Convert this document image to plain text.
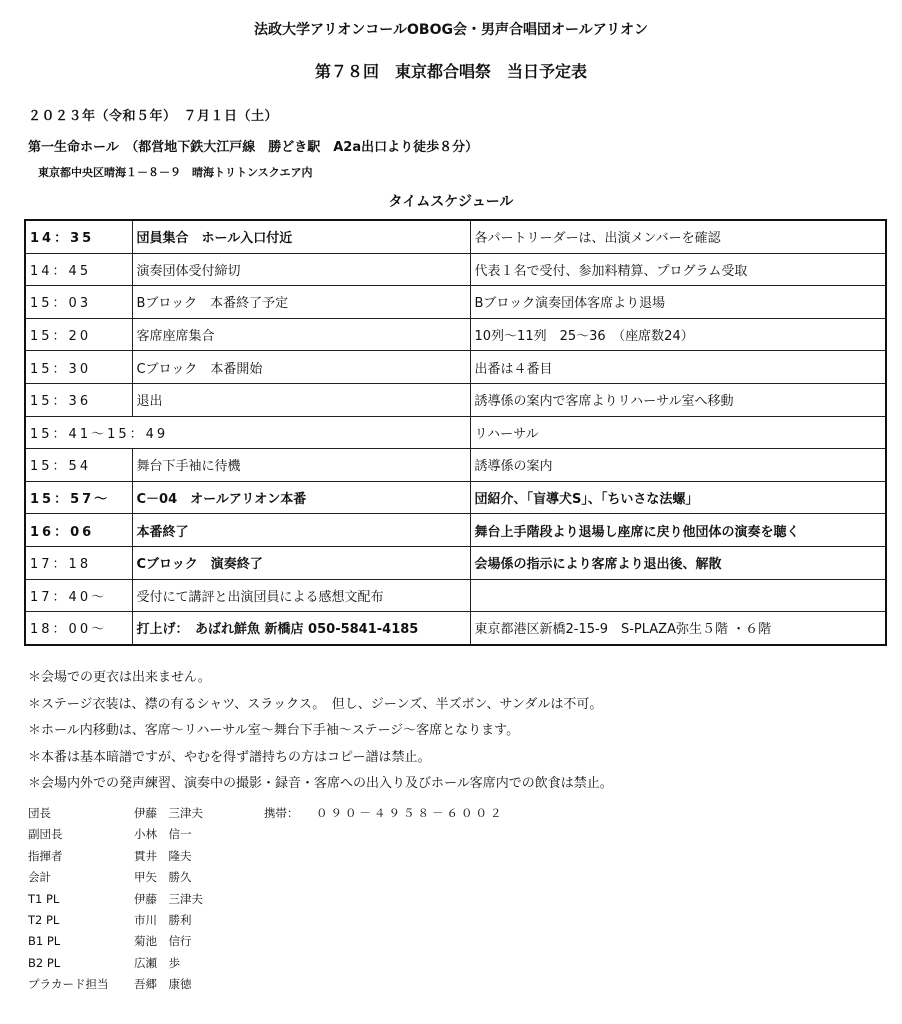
法政大学アリオンコールOBOG会・男声合唱団オールアリオン
第７８回　東京都合唱祭　当日予定表
２０２３年（令和５年）　７月１日（土）
第一生命ホール　（都営地下鉄大江戸線　勝どき駅　A2a出口より徒歩８分）
東京都中央区晴海１－８－９　晴海トリトンスクエア内
タイムスケジュール
14：35	団員集合　ホール入口付近	各パートリーダーは、出演メンバーを確認
14：45	演奏団体受付締切	代表１名で受付、参加料精算、プログラム受取
15：03	Bブロック　本番終了予定	Bブロック演奏団体客席より退場
15：20	客席座席集合	10列～11列　25～36　（座席数24）
15：30	Cブロック　本番開始	出番は４番目
15：36	退出	誘導係の案内で客席よりリハーサル室へ移動
15：41～15：49		リハーサル
15：54	舞台下手袖に待機	誘導係の案内
15：57～	C－04　オールアリオン本番	団紹介、「盲導犬S」、「ちいさな法螺」
16：06	本番終了	舞台上手階段より退場し座席に戻り他団体の演奏を聴く
17：18	Cブロック　演奏終了	会場係の指示により客席より退出後、解散
17：40～	受付にて講評と出演団員による感想文配布	
18：00～	打上げ：　あばれ鮮魚 新橋店 050-5841-4185	東京都港区新橋2-15-9　S-PLAZA弥生５階 ・６階
＊会場での更衣は出来ません。
＊ステージ衣装は、襟の有るシャツ、スラックス。　但し、ジーンズ、半ズボン、サンダルは不可。
＊ホール内移動は、客席～リハーサル室～舞台下手袖～ステージ～客席となります。
＊本番は基本暗譜ですが、やむを得ず譜持ちの方はコピー譜は禁止。
＊会場内外での発声練習、演奏中の撮影・録音・客席への出入り及びホール客席内での飲食は禁止。
団長	伊藤　三津夫	携帯： ０９０－４９５８－６００２
副団長	小林　信一
指揮者	貫井　隆夫
会計	甲矢　勝久
T1 PL	伊藤　三津夫
T2 PL	市川　勝利
B1 PL	菊池　信行
B2 PL	広瀬　歩
プラカード担当 吾郷　康徳
